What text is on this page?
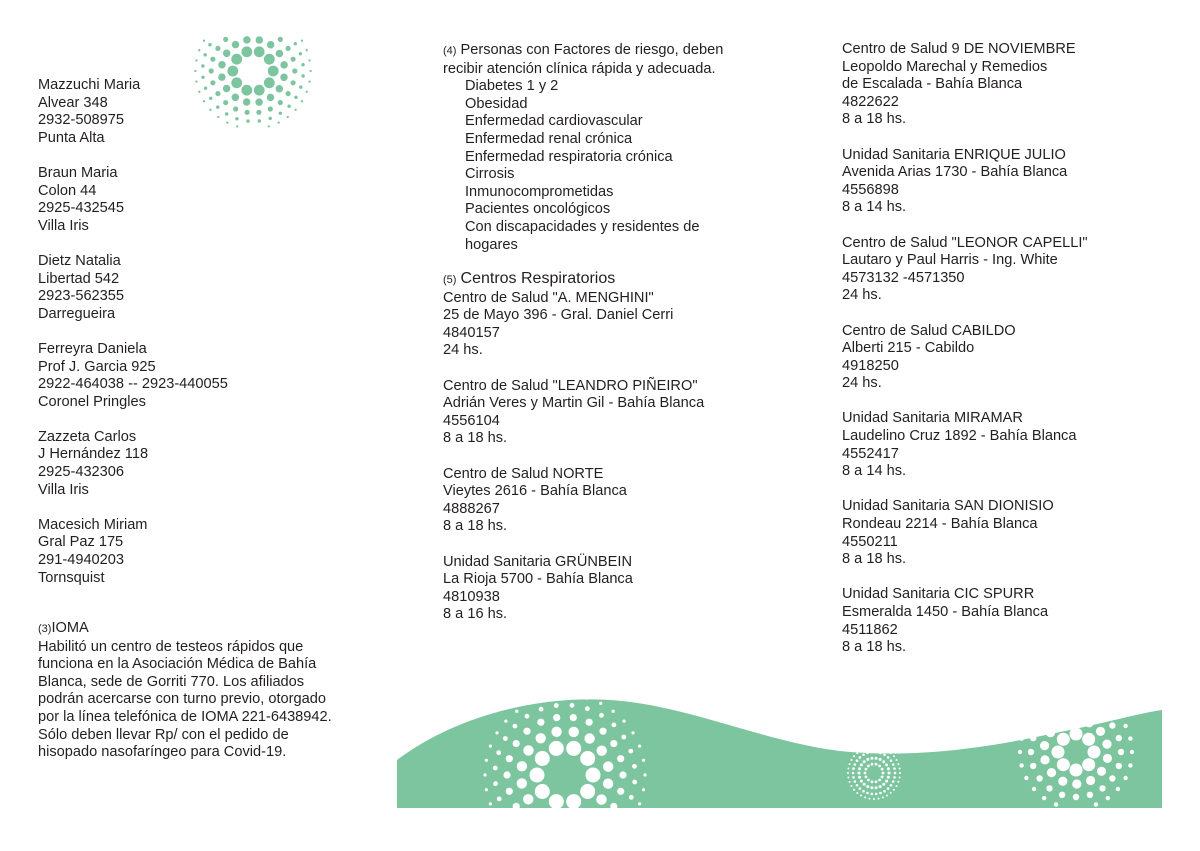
Mazzuchi Maria
Alvear 348
2932-508975
Punta Alta
Braun Maria
Colon 44
2925-432545
Villa Iris
Dietz Natalia
Libertad 542
2923-562355
Darregueira
Ferreyra Daniela
Prof J. Garcia 925
2922-464038 -- 2923-440055
Coronel Pringles
Zazzeta Carlos
J Hernández 118
2925-432306
Villa Iris
Macesich Miriam
Gral Paz 175
291-4940203
Tornsquist
(3)IOMA
Habilitó un centro de testeos rápidos que
funciona en la Asociación Médica de Bahía
Blanca, sede de Gorriti 770. Los afiliados
podrán acercarse con turno previo, otorgado
por la línea telefónica de IOMA 221-6438942.
Sólo deben llevar Rp/ con el pedido de
hisopado nasofaríngeo para Covid-19.
(4) Personas con Factores de riesgo, deben
recibir atención clínica rápida y adecuada.
Diabetes 1 y 2
Obesidad
Enfermedad cardiovascular
Enfermedad renal crónica
Enfermedad respiratoria crónica
Cirrosis
Inmunocomprometidas
Pacientes oncológicos
Con discapacidades y residentes de
hogares
(5) Centros Respiratorios
Centro de Salud "A. MENGHINI"
25 de Mayo 396 - Gral. Daniel Cerri
4840157
24 hs.
Centro de Salud "LEANDRO PIÑEIRO"
Adrián Veres y Martin Gil - Bahía Blanca
4556104
8 a 18 hs.
Centro de Salud NORTE
Vieytes 2616 - Bahía Blanca
4888267
8 a 18 hs.
Unidad Sanitaria GRÜNBEIN
La Rioja 5700 - Bahía Blanca
4810938
8 a 16 hs.
Centro de Salud 9 DE NOVIEMBRE
Leopoldo Marechal y Remedios
de Escalada - Bahía Blanca
4822622
8 a 18 hs.
Unidad Sanitaria ENRIQUE JULIO
Avenida Arias 1730 - Bahía Blanca
4556898
8 a 14 hs.
Centro de Salud "LEONOR CAPELLI"
Lautaro y Paul Harris - Ing. White
4573132 -4571350
24 hs.
Centro de Salud CABILDO
Alberti 215 - Cabildo
4918250
24 hs.
Unidad Sanitaria MIRAMAR
Laudelino Cruz 1892 - Bahía Blanca
4552417
8 a 14 hs.
Unidad Sanitaria SAN DIONISIO
Rondeau 2214 - Bahía Blanca
4550211
8 a 18 hs.
Unidad Sanitaria CIC SPURR
Esmeralda 1450 - Bahía Blanca
4511862
8 a 18 hs.
